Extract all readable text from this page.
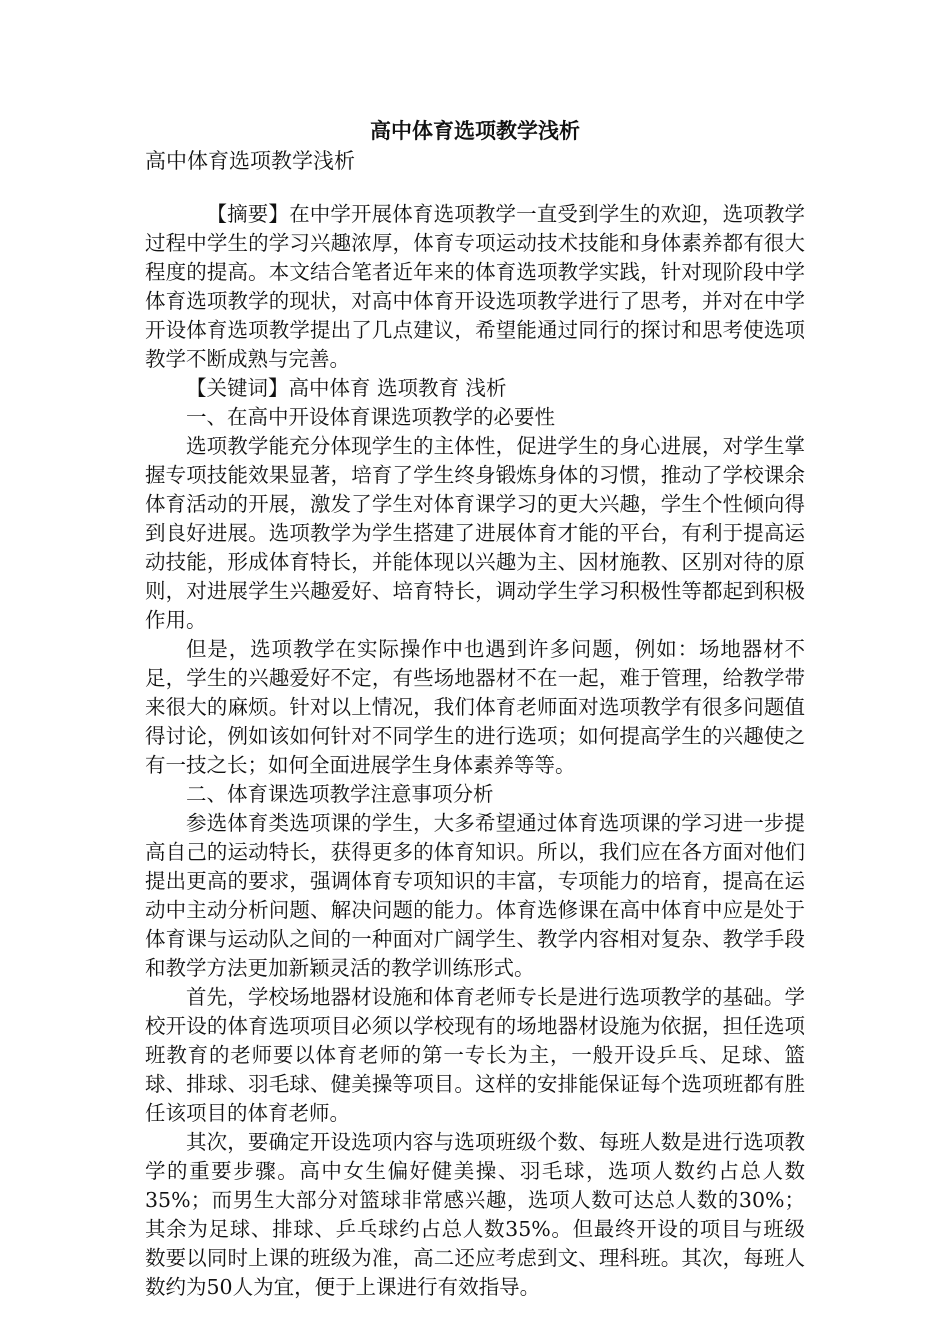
高中体育选项教学浅析

高中体育选项教学浅析

【摘要】在中学开展体育选项教学一直受到学生的欢迎，选项教学过程中学生的学习兴趣浓厚，体育专项运动技术技能和身体素养都有很大程度的提高。本文结合笔者近年来的体育选项教学实践，针对现阶段中学体育选项教学的现状，对高中体育开设选项教学进行了思考，并对在中学开设体育选项教学提出了几点建议，希望能通过同行的探讨和思考使选项教学不断成熟与完善。

【关键词】高中体育 选项教育 浅析

一、在高中开设体育课选项教学的必要性

选项教学能充分体现学生的主体性，促进学生的身心进展，对学生掌握专项技能效果显著，培育了学生终身锻炼身体的习惯，推动了学校课余体育活动的开展，激发了学生对体育课学习的更大兴趣，学生个性倾向得到良好进展。选项教学为学生搭建了进展体育才能的平台，有利于提高运动技能，形成体育特长，并能体现以兴趣为主、因材施教、区别对待的原则，对进展学生兴趣爱好、培育特长，调动学生学习积极性等都起到积极作用。

但是，选项教学在实际操作中也遇到许多问题，例如：场地器材不足，学生的兴趣爱好不定，有些场地器材不在一起，难于管理，给教学带来很大的麻烦。针对以上情况，我们体育老师面对选项教学有很多问题值得讨论，例如该如何针对不同学生的进行选项；如何提高学生的兴趣使之有一技之长；如何全面进展学生身体素养等等。

二、体育课选项教学注意事项分析

参选体育类选项课的学生，大多希望通过体育选项课的学习进一步提高自己的运动特长，获得更多的体育知识。所以，我们应在各方面对他们提出更高的要求，强调体育专项知识的丰富，专项能力的培育，提高在运动中主动分析问题、解决问题的能力。体育选修课在高中体育中应是处于体育课与运动队之间的一种面对广阔学生、教学内容相对复杂、教学手段和教学方法更加新颖灵活的教学训练形式。

首先，学校场地器材设施和体育老师专长是进行选项教学的基础。学校开设的体育选项项目必须以学校现有的场地器材设施为依据，担任选项班教育的老师要以体育老师的第一专长为主，一般开设乒乓、足球、篮球、排球、羽毛球、健美操等项目。这样的安排能保证每个选项班都有胜任该项目的体育老师。

其次，要确定开设选项内容与选项班级个数、每班人数是进行选项教学的重要步骤。高中女生偏好健美操、羽毛球，选项人数约占总人数35%；而男生大部分对篮球非常感兴趣，选项人数可达总人数的30%；其余为足球、排球、乒乓球约占总人数35%。但最终开设的项目与班级数要以同时上课的班级为准，高二还应考虑到文、理科班。其次，每班人数约为50人为宜，便于上课进行有效指导。
